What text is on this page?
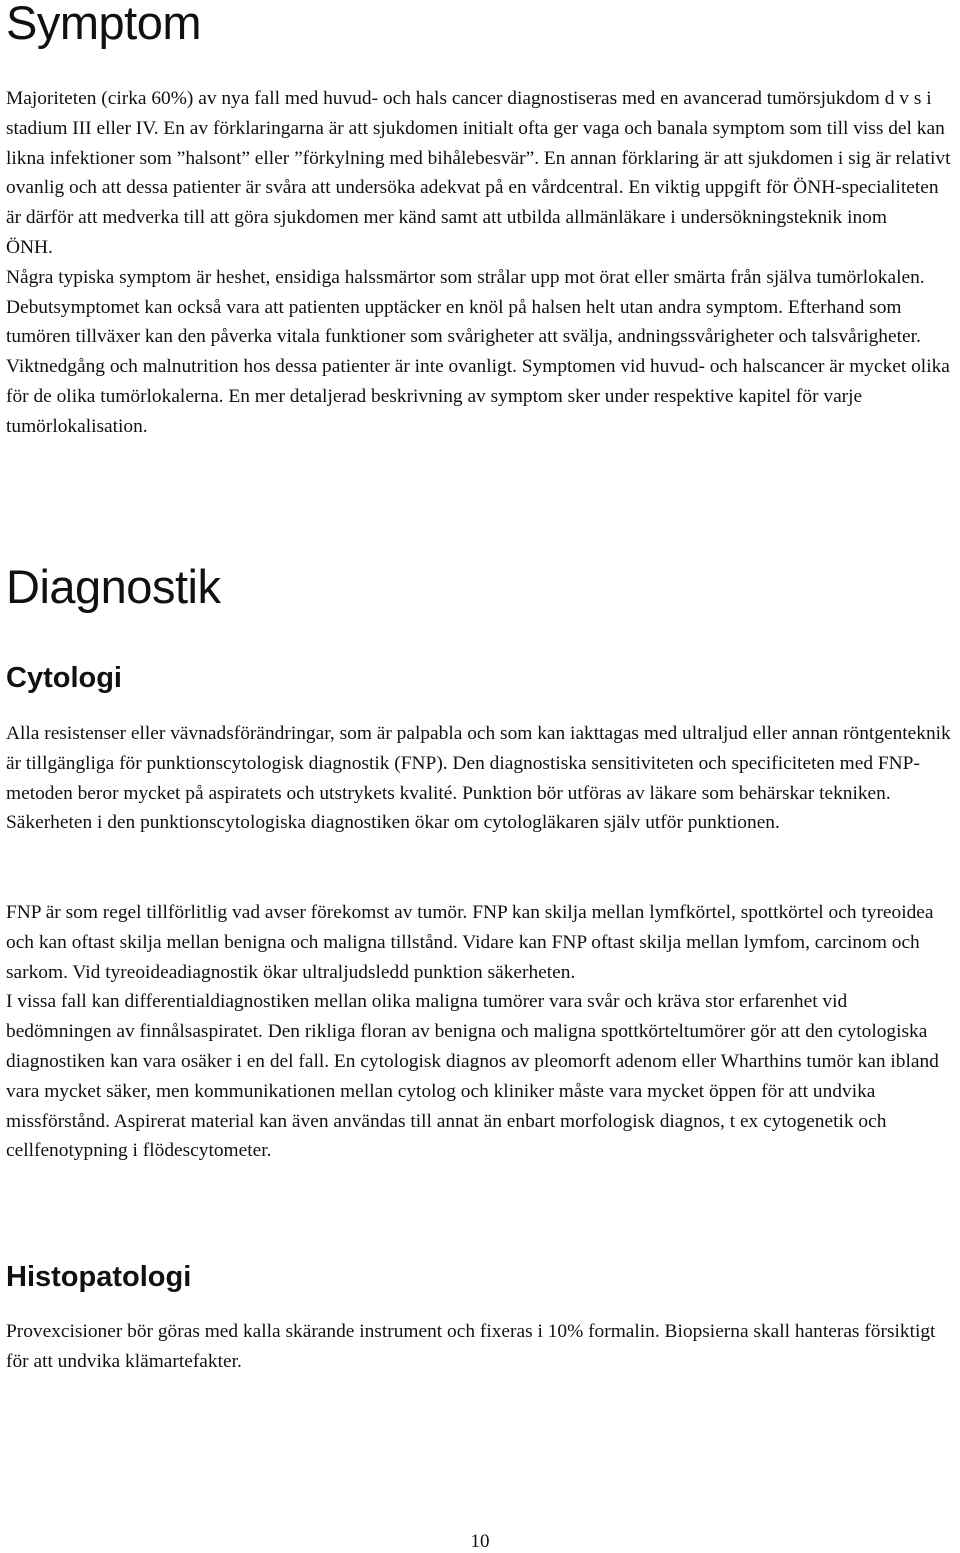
Symptom
Majoriteten (cirka 60%) av nya fall med huvud- och hals cancer diagnostiseras med en avancerad tumörsjukdom d v s i stadium III eller IV. En av förklaringarna är att sjukdomen initialt ofta ger vaga och banala symptom som till viss del kan likna infektioner som ”halsont” eller ”förkylning med bihålebesvär”. En annan förklaring är att sjukdomen i sig är relativt ovanlig och att dessa patienter är svåra att undersöka adekvat på en vårdcentral. En viktig uppgift för ÖNH-specialiteten är därför att medverka till att göra sjukdomen mer känd samt att utbilda allmänläkare i undersökningsteknik inom
ÖNH.
Några typiska symptom är heshet, ensidiga halssmärtor som strålar upp mot örat eller smärta från själva tumörlokalen. Debutsymptomet kan också vara att patienten upptäcker en knöl på halsen helt utan andra symptom. Efterhand som tumören tillväxer kan den påverka vitala funktioner som svårigheter att svälja, andningssvårigheter och talsvårigheter. Viktnedgång och malnutrition hos dessa patienter är inte ovanligt. Symptomen vid huvud- och halscancer är mycket olika för de olika tumörlokalerna. En mer detaljerad beskrivning av symptom sker under respektive kapitel för varje tumörlokalisation.
Diagnostik
Cytologi

Alla resistenser eller vävnadsförändringar, som är palpabla och som kan iakttagas med ultraljud eller annan röntgenteknik är tillgängliga för punktionscytologisk diagnostik (FNP). Den diagnostiska sensitiviteten och specificiteten med FNP-metoden beror mycket på aspiratets och utstrykets kvalité. Punktion bör utföras av läkare som behärskar tekniken. Säkerheten i den punktionscytologiska diagnostiken ökar om cytologläkaren själv utför punktionen.

FNP är som regel tillförlitlig vad avser förekomst av tumör. FNP kan skilja mellan lymfkörtel, spottkörtel och tyreoidea och kan oftast skilja mellan benigna och maligna tillstånd. Vidare kan FNP oftast skilja mellan lymfom, carcinom och sarkom. Vid tyreoideadiagnostik ökar ultraljudsledd punktion säkerheten.
I vissa fall kan differentialdiagnostiken mellan olika maligna tumörer vara svår och kräva stor erfarenhet vid bedömningen av finnålsaspiratet. Den rikliga floran av benigna och maligna spottkörteltumörer gör att den cytologiska diagnostiken kan vara osäker i en del fall. En cytologisk diagnos av pleomorft adenom eller Wharthins tumör kan ibland vara mycket säker, men kommunikationen mellan cytolog och kliniker måste vara mycket öppen för att undvika missförstånd. Aspirerat material kan även användas till annat än enbart morfologisk diagnos, t ex cytogenetik och cellfenotypning i flödescytometer.
Histopatologi

Provexcisioner bör göras med kalla skärande instrument och fixeras i 10% formalin. Biopsierna skall hanteras försiktigt för att undvika klämartefakter.

10
